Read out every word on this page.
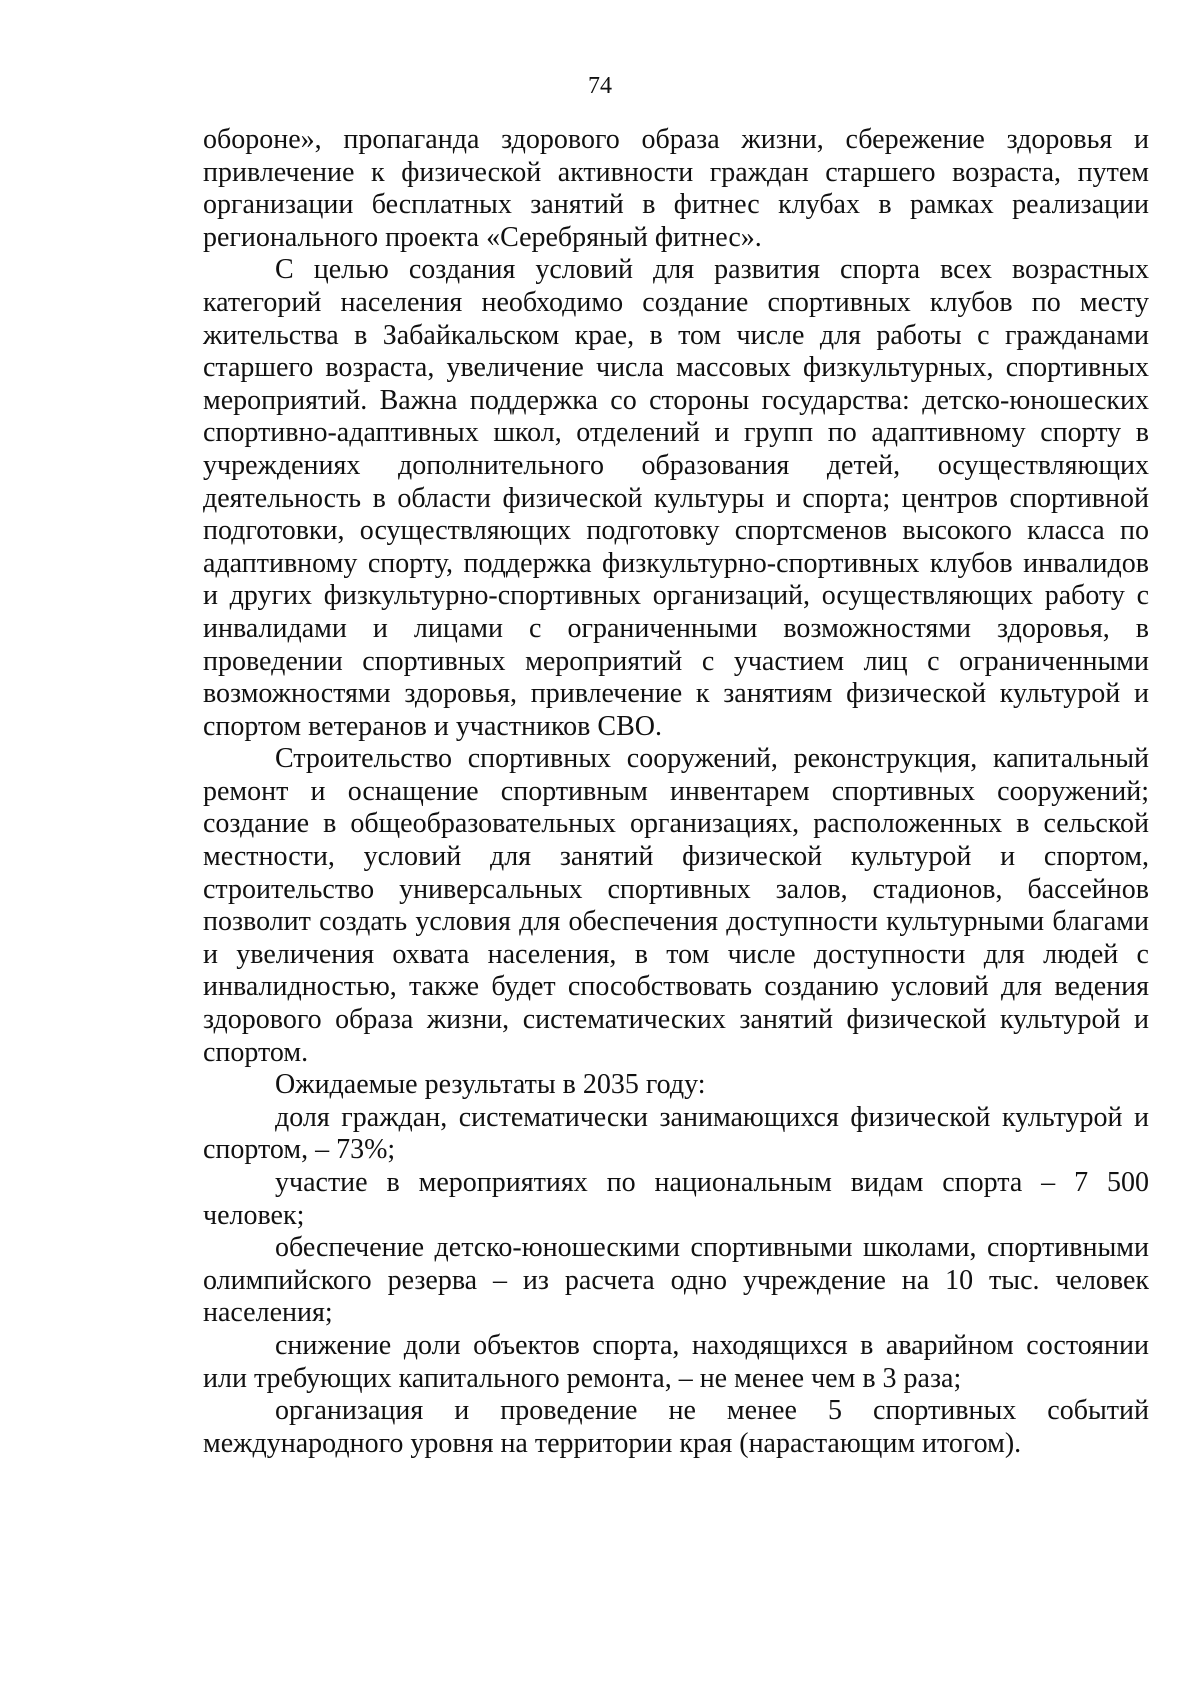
74

обороне», пропаганда здорового образа жизни, сбережение здоровья и привлечение к физической активности граждан старшего возраста, путем организации бесплатных занятий в фитнес клубах в рамках реализации регионального проекта «Серебряный фитнес».

С целью создания условий для развития спорта всех возрастных категорий населения необходимо создание спортивных клубов по месту жительства в Забайкальском крае, в том числе для работы с гражданами старшего возраста, увеличение числа массовых физкультурных, спортивных мероприятий. Важна поддержка со стороны государства: детско-юношеских спортивно-адаптивных школ, отделений и групп по адаптивному спорту в учреждениях дополнительного образования детей, осуществляющих деятельность в области физической культуры и спорта; центров спортивной подготовки, осуществляющих подготовку спортсменов высокого класса по адаптивному спорту, поддержка физкультурно-спортивных клубов инвалидов и других физкультурно-спортивных организаций, осуществляющих работу с инвалидами и лицами с ограниченными возможностями здоровья, в проведении спортивных мероприятий с участием лиц с ограниченными возможностями здоровья, привлечение к занятиям физической культурой и спортом ветеранов и участников СВО.

Строительство спортивных сооружений, реконструкция, капитальный ремонт и оснащение спортивным инвентарем спортивных сооружений; создание в общеобразовательных организациях, расположенных в сельской местности, условий для занятий физической культурой и спортом, строительство универсальных спортивных залов, стадионов, бассейнов позволит создать условия для обеспечения доступности культурными благами и увеличения охвата населения, в том числе доступности для людей с инвалидностью, также будет способствовать созданию условий для ведения здорового образа жизни, систематических занятий физической культурой и спортом.

Ожидаемые результаты в 2035 году:

доля граждан, систематически занимающихся физической культурой и спортом, – 73%;

участие в мероприятиях по национальным видам спорта – 7 500 человек;

обеспечение детско-юношескими спортивными школами, спортивными олимпийского резерва – из расчета одно учреждение на 10 тыс. человек населения;

снижение доли объектов спорта, находящихся в аварийном состоянии или требующих капитального ремонта, – не менее чем в 3 раза;

организация и проведение не менее 5 спортивных событий международного уровня на территории края (нарастающим итогом).
